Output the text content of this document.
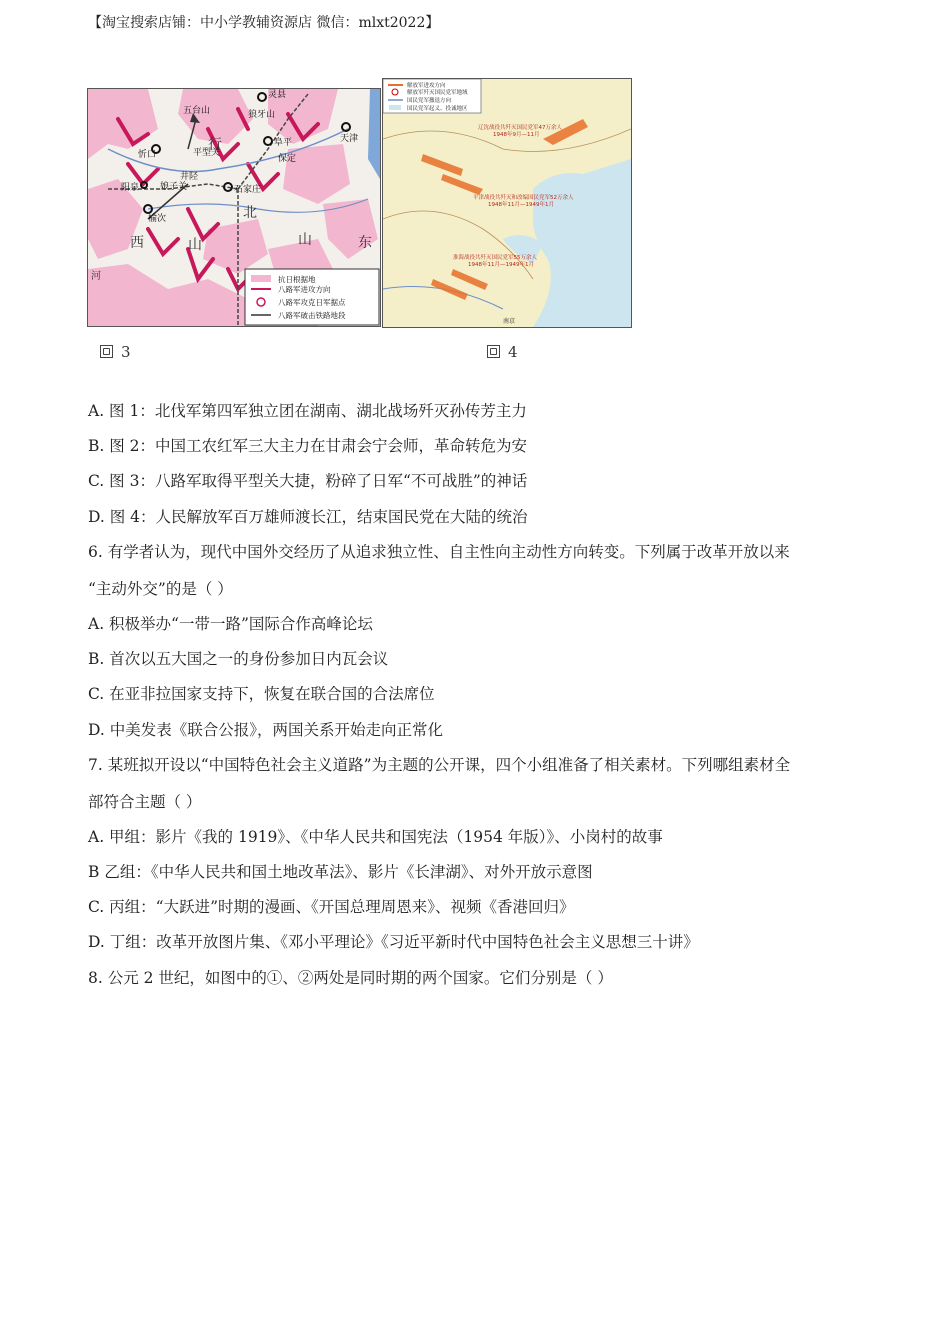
【淘宝搜索店铺：中小学教辅资源店 微信：mlxt2022】
灵县
五台山	狼牙山
忻口
阜平
保定
平型关
天津
阳泉 娘子关
井陉
石家庄
榆次
行
西	山
北
山	东
河	抗日根据地
八路军进攻方向
八路军攻克日军据点
八路军破击铁路地段
解放军进攻方向
解放军歼灭国民党军地域
国民党军撤退方向
国民党军起义、投诚地区
辽沈战役共歼灭国民党军47万余人
1948年9月—11月
平津战役共歼灭和改编国民党军52万余人
1948年11月—1949年1月
淮海战役共歼灭国民党军55万余人
1948年11月—1949年1月
南京
3	4
A. 图 1：北伐军第四军独立团在湖南、湖北战场歼灭孙传芳主力
B. 图 2：中国工农红军三大主力在甘肃会宁会师，革命转危为安
C. 图 3：八路军取得平型关大捷，粉碎了日军“不可战胜”的神话
D. 图 4：人民解放军百万雄师渡长江，结束国民党在大陆的统治
6. 有学者认为，现代中国外交经历了从追求独立性、自主性向主动性方向转变。下列属于改革开放以来
“主动外交”的是（ ）
A. 积极举办“一带一路”国际合作高峰论坛
B. 首次以五大国之一的身份参加日内瓦会议
C. 在亚非拉国家支持下，恢复在联合国的合法席位
D. 中美发表《联合公报》，两国关系开始走向正常化
7. 某班拟开设以“中国特色社会主义道路”为主题的公开课，四个小组准备了相关素材。下列哪组素材全
部符合主题（ ）
A. 甲组：影片《我的 1919》、《中华人民共和国宪法（1954 年版）》、小岗村的故事
B 乙组：《中华人民共和国土地改革法》、影片《长津湖》、对外开放示意图
C. 丙组：“大跃进”时期的漫画、《开国总理周恩来》、视频《香港回归》
D. 丁组：改革开放图片集、《邓小平理论》《习近平新时代中国特色社会主义思想三十讲》
8. 公元 2 世纪，如图中的①、②两处是同时期的两个国家。它们分别是（ ）
